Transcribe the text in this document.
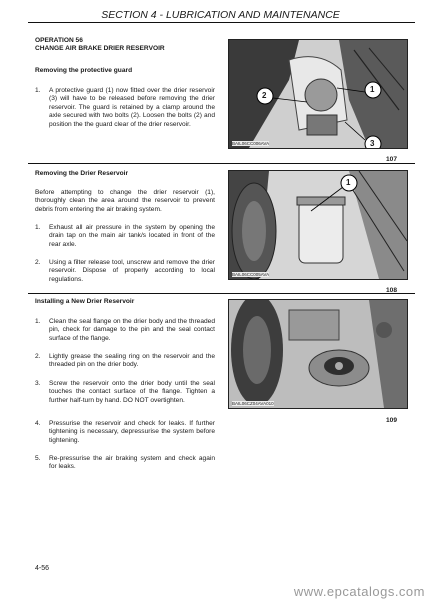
SECTION 4 - LUBRICATION AND MAINTENANCE
OPERATION 56
CHANGE AIR BRAKE DRIER RESERVOIR
Removing the protective guard
1. A protective guard (1) now fitted over the drier reservoir (3) will have to be released before removing the drier reservoir. The guard is retained by a clamp around the axle secured with two bolts (2). Loosen the bolts (2) and position the the guard clear of the drier reservoir.
Removing the Drier Reservoir
Before attempting to change the drier reservoir (1), thoroughly clean the area around the reservoir to prevent debris from entering the air braking system.
1. Exhaust all air pressure in the system by opening the drain tap on the main air tank/s located in front of the rear axle.
2. Using a filter release tool, unscrew and remove the drier reservoir. Dispose of properly according to local regulations.
Installing a New Drier Reservoir
1. Clean the seal flange on the drier body and the threaded pin, check for damage to the pin and the seal contact surface of the flange.
2. Lightly grease the sealing ring on the reservoir and the threaded pin on the drier body.
3. Screw the reservoir onto the drier body until the seal touches the contact surface of the flange. Tighten a further half-turn by hand. DO NOT overtighten.
4. Pressurise the reservoir and check for leaks. If further tightening is necessary, depressurise the system before tightening.
5. Re-pressurise the air braking system and check again for leaks.
2
1
3
BAIL06CC006AVA
107
1
BAIL06CC005AVA
108
BAIL06CZ04AVA010
109
4-56
www.epcatalogs.com
